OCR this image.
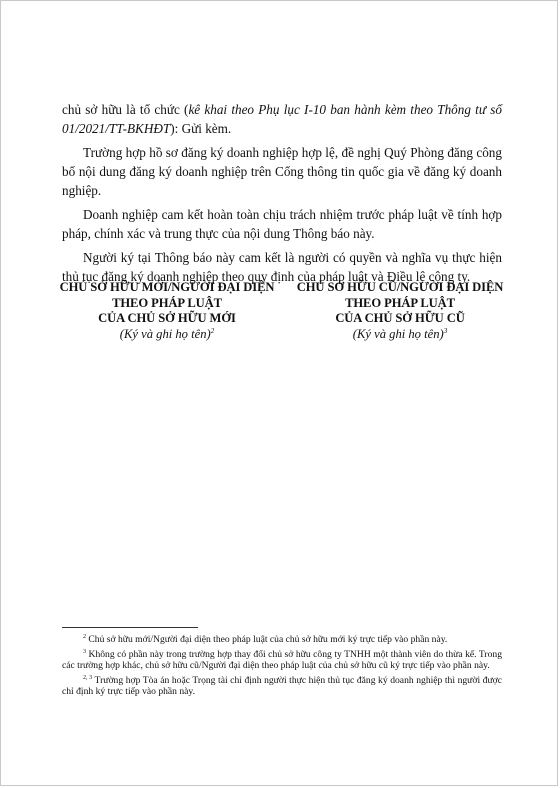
chủ sở hữu là tổ chức (kê khai theo Phụ lục I-10 ban hành kèm theo Thông tư số 01/2021/TT-BKHĐT): Gửi kèm.

Trường hợp hồ sơ đăng ký doanh nghiệp hợp lệ, đề nghị Quý Phòng đăng công bố nội dung đăng ký doanh nghiệp trên Cổng thông tin quốc gia về đăng ký doanh nghiệp.

Doanh nghiệp cam kết hoàn toàn chịu trách nhiệm trước pháp luật về tính hợp pháp, chính xác và trung thực của nội dung Thông báo này.

Người ký tại Thông báo này cam kết là người có quyền và nghĩa vụ thực hiện thủ tục đăng ký doanh nghiệp theo quy định của pháp luật và Điều lệ công ty.

CHỦ SỞ HỮU MỚI/NGƯỜI ĐẠI DIỆN
THEO PHÁP LUẬT
CỦA CHỦ SỞ HỮU MỚI
(Ký và ghi họ tên)$^2$
CHỦ SỞ HỮU CŨ/NGƯỜI ĐẠI DIỆN
THEO PHÁP LUẬT
CỦA CHỦ SỞ HỮU CŨ
(Ký và ghi họ tên)$^3$

$^2$ Chủ sở hữu mới/Người đại diện theo pháp luật của chủ sở hữu mới ký trực tiếp vào phần này.

$^3$ Không có phần này trong trường hợp thay đổi chủ sở hữu công ty TNHH một thành viên do thừa kế. Trong các trường hợp khác, chủ sở hữu cũ/Người đại diện theo pháp luật của chủ sở hữu cũ ký trực tiếp vào phần này.

$^{2, 3}$ Trường hợp Tòa án hoặc Trọng tài chỉ định người thực hiện thủ tục đăng ký doanh nghiệp thì người được chỉ định ký trực tiếp vào phần này.
